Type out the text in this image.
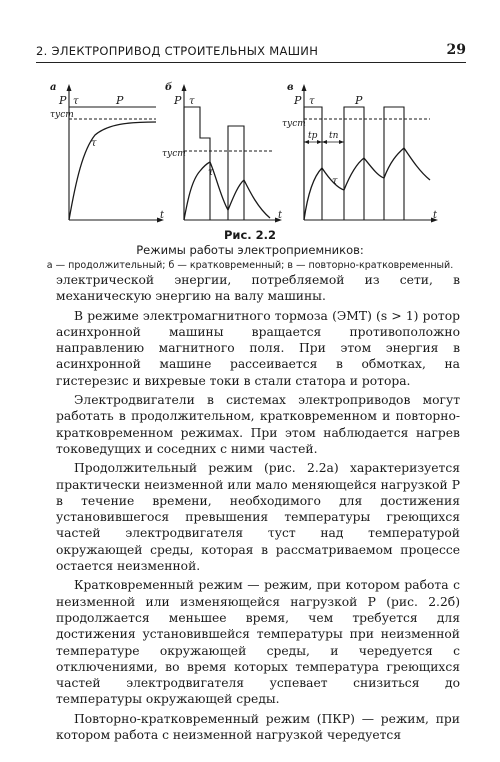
2. ЭЛЕКТРОПРИВОД СТРОИТЕЛЬНЫХ МАШИН	29
а
P τ	P
τуст
τ
t
б
P τ
τуст
τ
t
в
P τ	P
τуст
tр tп
τ
t
Рис. 2.2
Режимы работы электроприемников:
а — продолжительный; б — кратковременный; в — повторно-кратковременный.

электрической энергии, потребляемой из сети, в механическую энергию на валу машины.

В режиме электромагнитного тормоза (ЭМТ) (s > 1) ротор асинхронной машины вращается противоположно направлению магнитного поля. При этом энергия в асинхронной машине рассеивается в обмотках, на гистерезис и вихревые токи в стали статора и ротора.

Электродвигатели в системах электроприводов могут работать в продолжительном, кратковременном и повторно-кратковременном режимах. При этом наблюдается нагрев токоведущих и соседних с ними частей.

Продолжительный режим (рис. 2.2а) характеризуется практически неизменной или мало меняющейся нагрузкой P в течение времени, необходимого для достижения установившегося превышения температуры греющихся частей электродвигателя τуст над температурой окружающей среды, которая в рассматриваемом процессе остается неизменной.

Кратковременный режим — режим, при котором работа с неизменной или изменяющейся нагрузкой P (рис. 2.2б) продолжается меньшее время, чем требуется для достижения установившейся температуры при неизменной температуре окружающей среды, и чередуется с отключениями, во время которых температура греющихся частей электродвигателя успевает снизиться до температуры окружающей среды.

Повторно-кратковременный режим (ПКР) — режим, при котором работа с неизменной нагрузкой чередуется
